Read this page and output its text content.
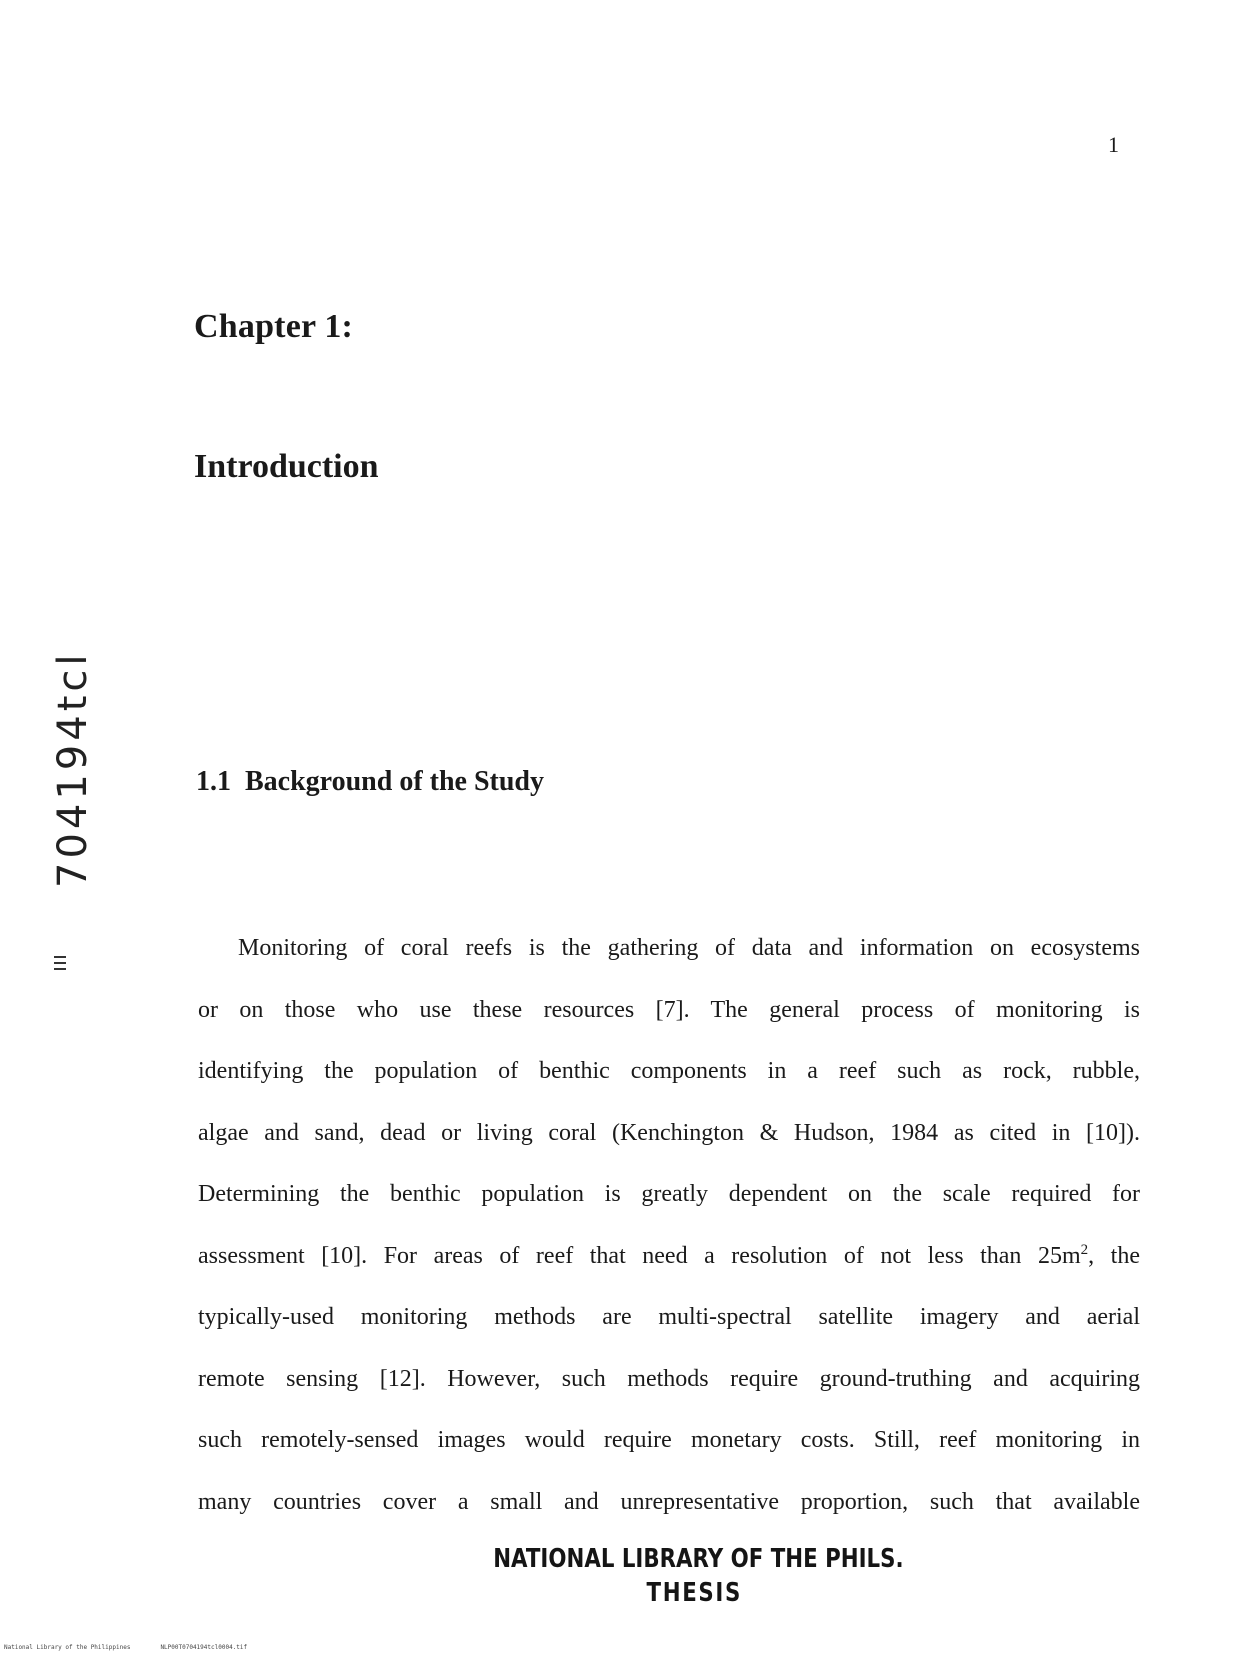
1
Chapter 1:
Introduction
704194tcl	1.1 Background of the Study
Monitoring of coral reefs is the gathering of data and information on ecosystems
or on those who use these resources [7]. The general process of monitoring is
identifying the population of benthic components in a reef such as rock, rubble,
algae and sand, dead or living coral (Kenchington & Hudson, 1984 as cited in [10]).
Determining the benthic population is greatly dependent on the scale required for
assessment [10]. For areas of reef that need a resolution of not less than $25m^2$, the
typically-used monitoring methods are multi-spectral satellite imagery and aerial
remote sensing [12]. However, such methods require ground-truthing and acquiring
such remotely-sensed images would require monetary costs. Still, reef monitoring in
many countries cover a small and unrepresentative proportion, such that available
NATIONAL LIBRARY OF THE PHILS.
THESIS
National Library of the Philippines	NLP00T0704194tcl0004.tif
